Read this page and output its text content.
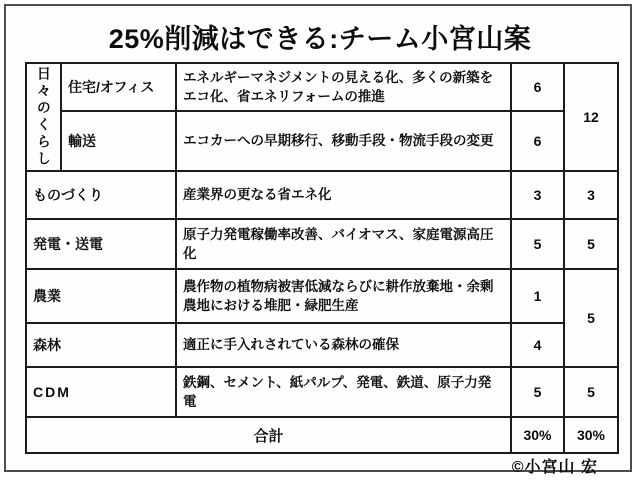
25%削減はできる:チーム小宮山案
日々のくらし	住宅/オフィス	エネルギーマネジメントの見える化、多くの新築をエコ化、省エネリフォームの推進	6	12
	輸送	エコカーへの早期移行、移動手段・物流手段の変更	6	
ものづくり		産業界の更なる省エネ化	3	3
発電・送電		原子力発電稼働率改善、バイオマス、家庭電源高圧化	5	5
農業		農作物の植物病被害低減ならびに耕作放棄地・余剰農地における堆肥・緑肥生産	1	5
森林		適正に手入れされている森林の確保	4	
CDM		鉄鋼、セメント、紙パルプ、発電、鉄道、原子力発電	5	5
合計			30%	30%
©小宮山 宏
